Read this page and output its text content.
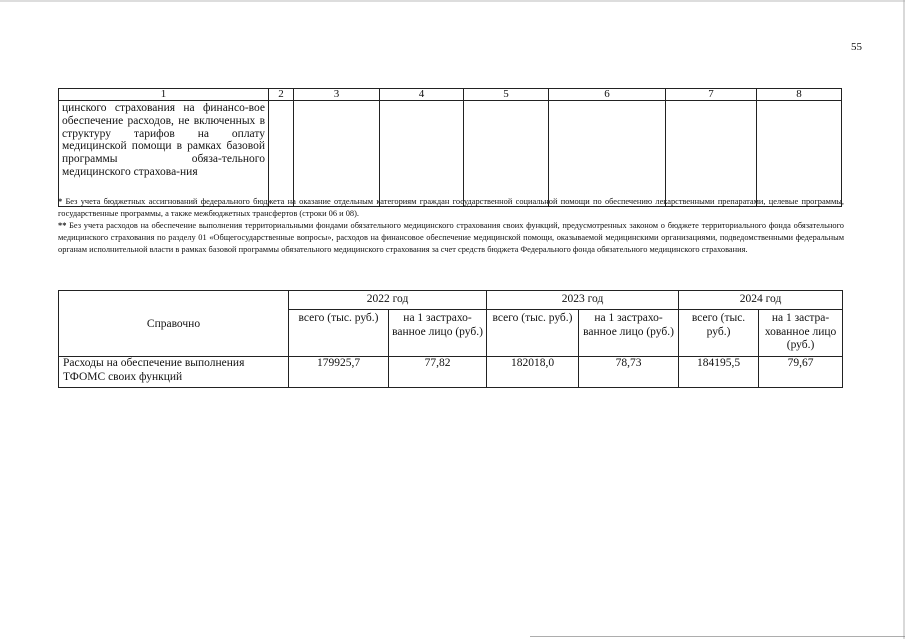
55
1	2	3	4	5	6	7	8
цинского страхования на финансо-вое обеспечение расходов, не включенных в структуру тарифов на оплату медицинской помощи в рамках базовой программы обяза-тельного медицинского страхова-ния							

* Без учета бюджетных ассигнований федерального бюджета на оказание отдельным категориям граждан государственной социальной помощи по обеспечению лекарственными препаратами, целевые программы, государственные программы, а также межбюджетных трансфертов (строки 06 и 08).

** Без учета расходов на обеспечение выполнения территориальными фондами обязательного медицинского страхования своих функций, предусмотренных законом о бюджете территориального фонда обязательного медицинского страхования по разделу 01 «Общегосударственные вопросы», расходов на финансовое обеспечение медицинской помощи, оказываемой медицинскими организациями, подведомственными федеральным органам исполнительной власти в рамках базовой программы обязательного медицинского страхования за счет средств бюджета Федерального фонда обязательного медицинского страхования.

Справочно	2022 год		2023 год		2024 год	
	всего (тыс. руб.)	на 1 застрахо-ванное лицо (руб.)	всего (тыс. руб.)	на 1 застрахо-ванное лицо (руб.)	всего (тыс. руб.)	на 1 застра-хованное лицо (руб.)
Расходы на обеспечение выполнения ТФОМС своих функций	179925,7	77,82	182018,0	78,73	184195,5	79,67
